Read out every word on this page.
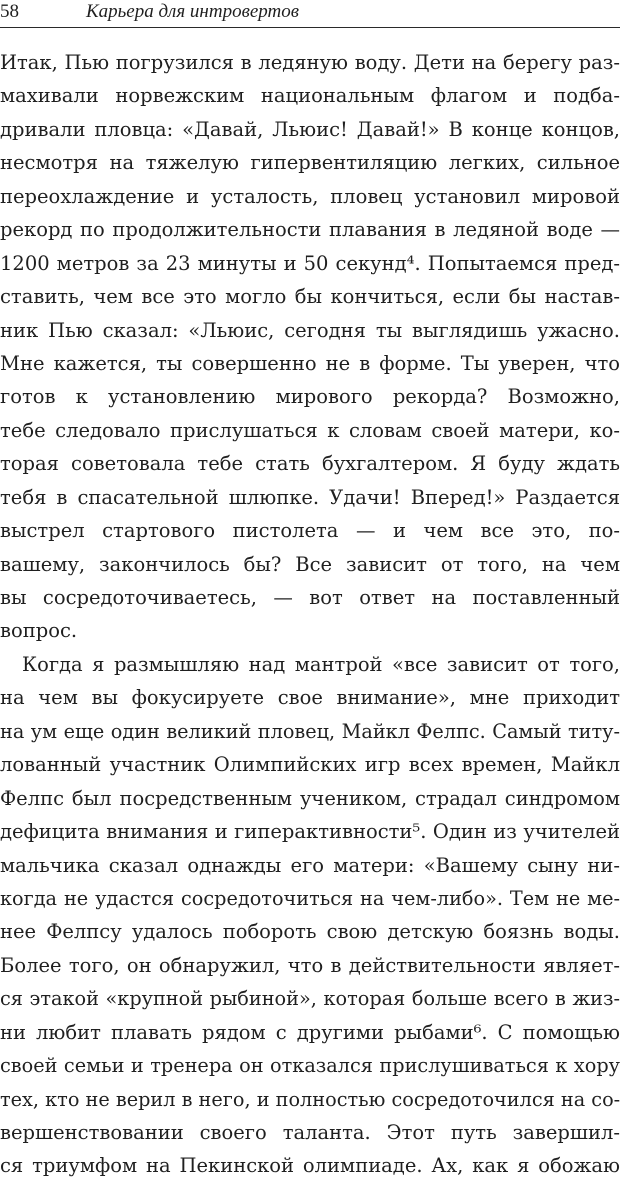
58	Карьера для интровертов
Итак, Пью погрузился в ледяную воду. Дети на берегу раз-
махивали норвежским национальным флагом и подба-
дривали пловца: «Давай, Льюис! Давай!» В конце концов,
несмотря на тяжелую гипервентиляцию легких, сильное
переохлаждение и усталость, пловец установил мировой
рекорд по продолжительности плавания в ледяной воде —
1200 метров за 23 минуты и 50 секунд⁴. Попытаемся пред-
ставить, чем все это могло бы кончиться, если бы настав-
ник Пью сказал: «Льюис, сегодня ты выглядишь ужасно.
Мне кажется, ты совершенно не в форме. Ты уверен, что
готов к установлению мирового рекорда? Возможно,
тебе следовало прислушаться к словам своей матери, ко-
торая советовала тебе стать бухгалтером. Я буду ждать
тебя в спасательной шлюпке. Удачи! Вперед!» Раздается
выстрел стартового пистолета — и чем все это, по-
вашему, закончилось бы? Все зависит от того, на чем
вы сосредоточиваетесь, — вот ответ на поставленный
вопрос.
Когда я размышляю над мантрой «все зависит от того,
на чем вы фокусируете свое внимание», мне приходит
на ум еще один великий пловец, Майкл Фелпс. Самый титу-
лованный участник Олимпийских игр всех времен, Майкл
Фелпс был посредственным учеником, страдал синдромом
дефицита внимания и гиперактивности⁵. Один из учителей
мальчика сказал однажды его матери: «Вашему сыну ни-
когда не удастся сосредоточиться на чем-либо». Тем не ме-
нее Фелпсу удалось побороть свою детскую боязнь воды.
Более того, он обнаружил, что в действительности являет-
ся этакой «крупной рыбиной», которая больше всего в жиз-
ни любит плавать рядом с другими рыбами⁶. С помощью
своей семьи и тренера он отказался прислушиваться к хору
тех, кто не верил в него, и полностью сосредоточился на со-
вершенствовании своего таланта. Этот путь завершил-
ся триумфом на Пекинской олимпиаде. Ах, как я обожаю
